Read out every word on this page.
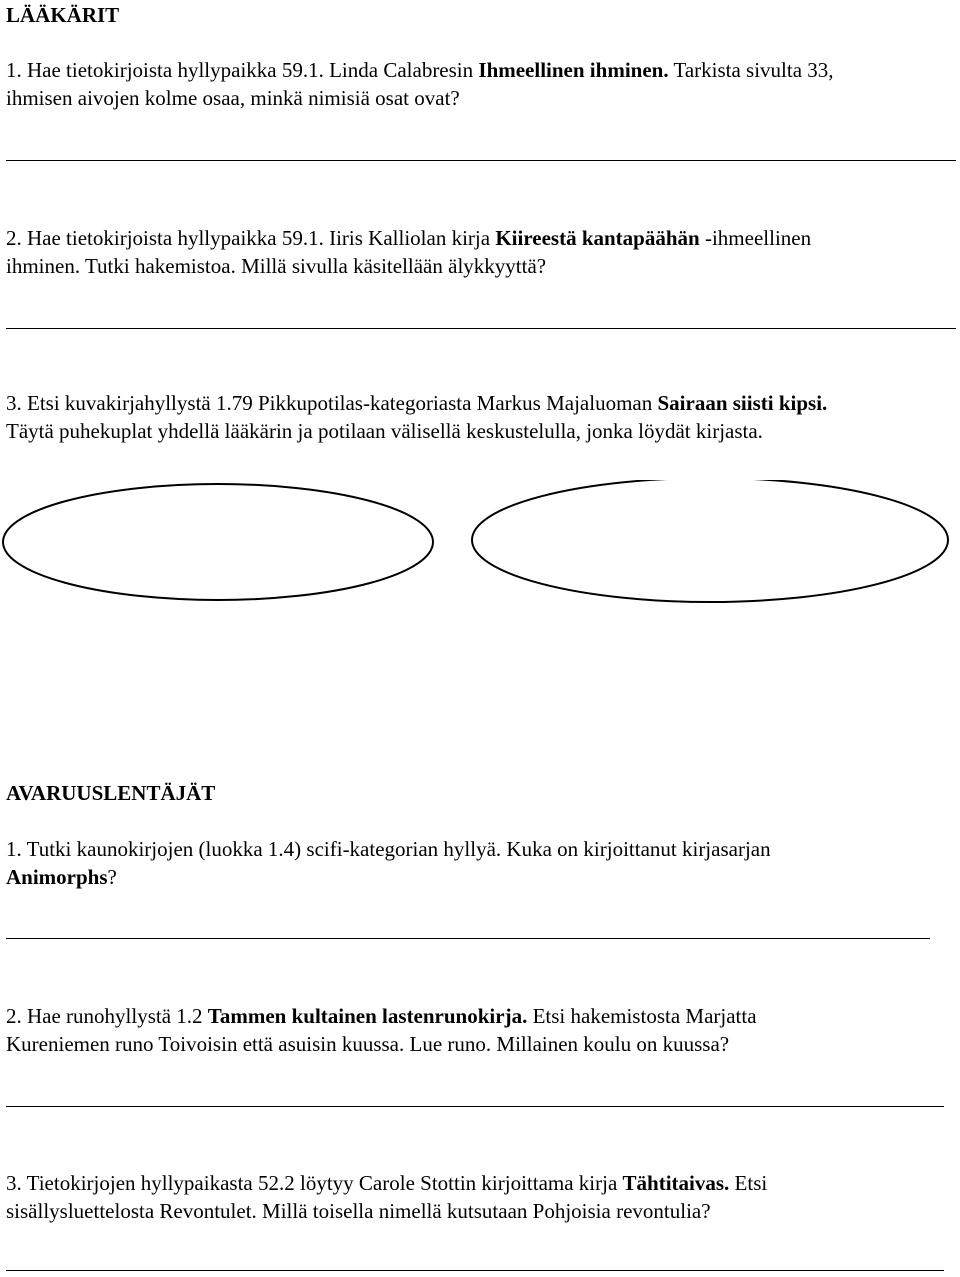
LÄÄKÄRIT
1. Hae tietokirjoista hyllypaikka 59.1. Linda Calabresin Ihmeellinen ihminen. Tarkista sivulta 33,
ihmisen aivojen kolme osaa, minkä nimisiä osat ovat?
2. Hae tietokirjoista hyllypaikka 59.1. Iiris Kalliolan kirja Kiireestä kantapäähän -ihmeellinen
ihminen. Tutki hakemistoa. Millä sivulla käsitellään älykkyyttä?
3. Etsi kuvakirjahyllystä 1.79 Pikkupotilas-kategoriasta Markus Majaluoman Sairaan siisti kipsi.
Täytä puhekuplat yhdellä lääkärin ja potilaan välisellä keskustelulla, jonka löydät kirjasta.
AVARUUSLENTÄJÄT
1. Tutki kaunokirjojen (luokka 1.4) scifi-kategorian hyllyä. Kuka on kirjoittanut kirjasarjan
Animorphs?
2. Hae runohyllystä 1.2 Tammen kultainen lastenrunokirja. Etsi hakemistosta Marjatta
Kureniemen runo Toivoisin että asuisin kuussa. Lue runo. Millainen koulu on kuussa?
3. Tietokirjojen hyllypaikasta 52.2 löytyy Carole Stottin kirjoittama kirja Tähtitaivas. Etsi
sisällysluettelosta Revontulet. Millä toisella nimellä kutsutaan Pohjoisia revontulia?
